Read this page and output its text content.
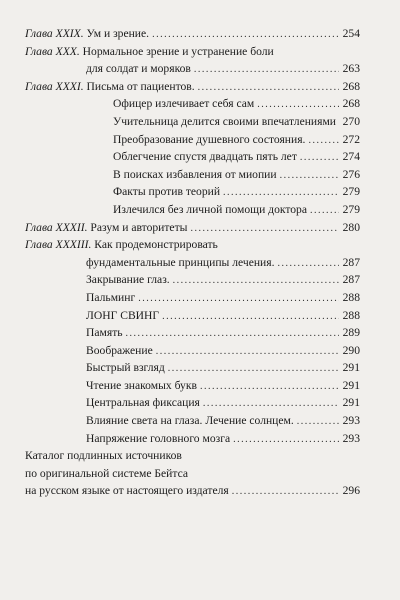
Глава XXIX. Ум и зрение. .....	254
Глава XXX. Нормальное зрение и устранение боли
для солдат и моряков .....	263
Глава XXXI. Письма от пациентов. .....	268
Офицер излечивает себя сам .....	268
Учительница делится своими впечатлениями 270
Преобразование душевного состояния. .....	272
Облегчение спустя двадцать пять лет .....	274
В поисках избавления от миопии .....	276
Факты против теорий .....	279
Излечился без личной помощи доктора .....	279
Глава XXXII. Разум и авторитеты .....	280
Глава XXXIII. Как продемонстрировать
фундаментальные принципы лечения. .....	287
Закрывание глаз. .....	287
Пальминг .....	288
ЛОНГ СВИНГ .....	288
Память .....	289
Воображение .....	290
Быстрый взгляд .....	291
Чтение знакомых букв .....	291
Центральная фиксация .....	291
Влияние света на глаза. Лечение солнцем. .....	293
Напряжение головного мозга .....	293
Каталог подлинных источников
по оригинальной системе Бейтса
на русском языке от настоящего издателя .....	296
